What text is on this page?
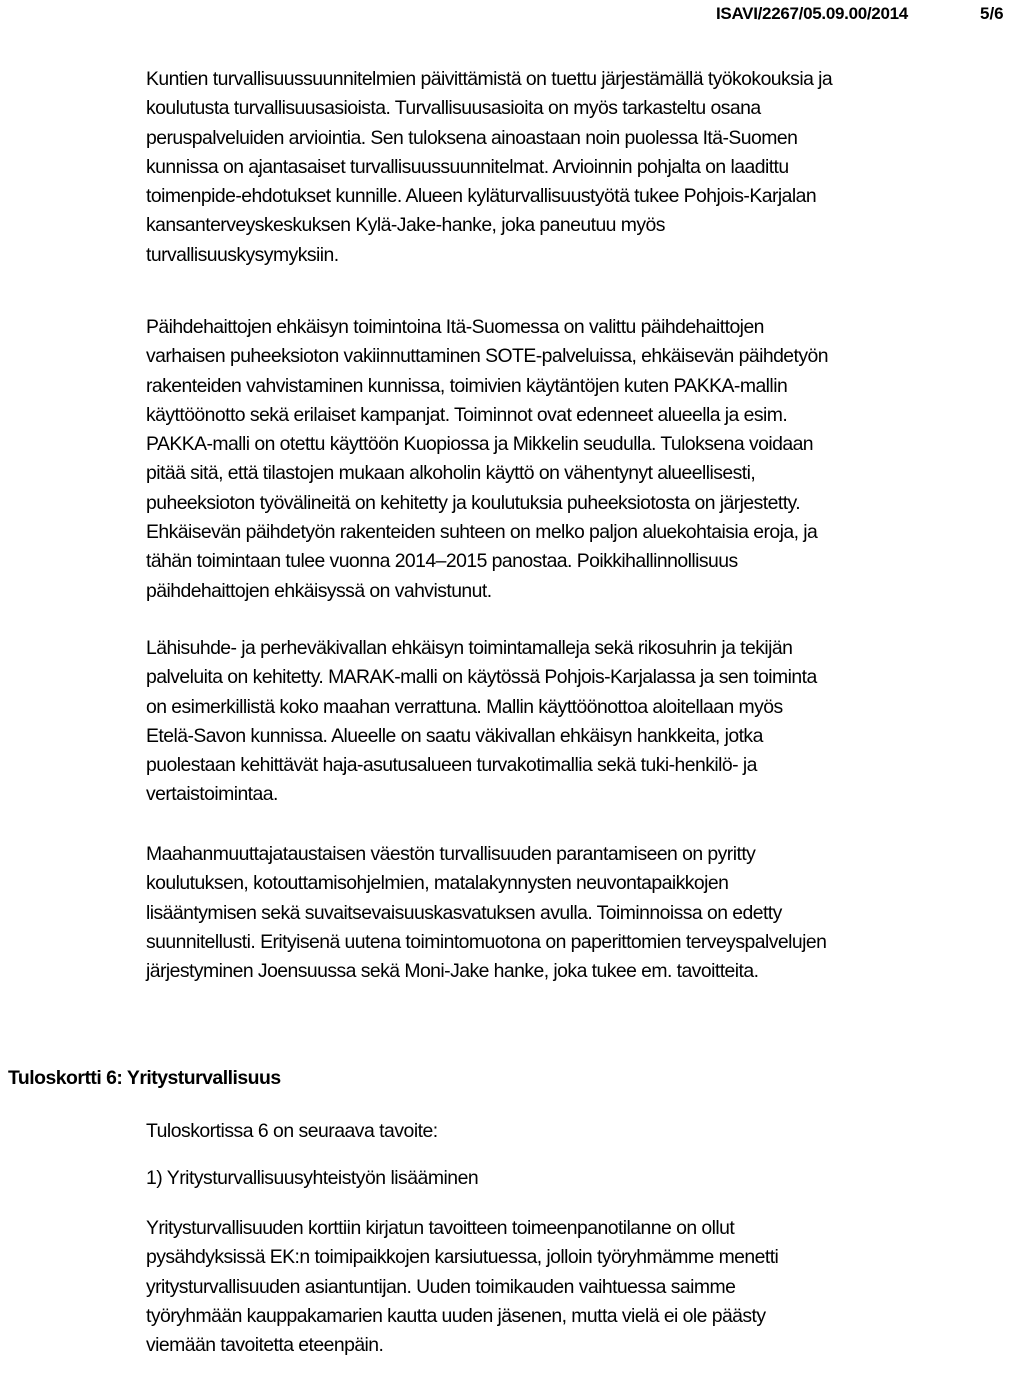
ISAVI/2267/05.09.00/2014	5/6

Kuntien turvallisuussuunnitelmien päivittämistä on tuettu järjestämällä työkokouksia ja
koulutusta turvallisuusasioista. Turvallisuusasioita on myös tarkasteltu osana
peruspalveluiden arviointia. Sen tuloksena ainoastaan noin puolessa Itä-Suomen
kunnissa on ajantasaiset turvallisuussuunnitelmat. Arvioinnin pohjalta on laadittu
toimenpide-ehdotukset kunnille. Alueen kyläturvallisuustyötä tukee Pohjois-Karjalan
kansanterveyskeskuksen Kylä-Jake-hanke, joka paneutuu myös
turvallisuuskysymyksiin.

Päihdehaittojen ehkäisyn toimintoina Itä-Suomessa on valittu päihdehaittojen
varhaisen puheeksioton vakiinnuttaminen SOTE-palveluissa, ehkäisevän päihdetyön
rakenteiden vahvistaminen kunnissa, toimivien käytäntöjen kuten PAKKA-mallin
käyttöönotto sekä erilaiset kampanjat. Toiminnot ovat edenneet alueella ja esim.
PAKKA-malli on otettu käyttöön Kuopiossa ja Mikkelin seudulla. Tuloksena voidaan
pitää sitä, että tilastojen mukaan alkoholin käyttö on vähentynyt alueellisesti,
puheeksioton työvälineitä on kehitetty ja koulutuksia puheeksiotosta on järjestetty.
Ehkäisevän päihdetyön rakenteiden suhteen on melko paljon aluekohtaisia eroja, ja
tähän toimintaan tulee vuonna 2014–2015 panostaa. Poikkihallinnollisuus
päihdehaittojen ehkäisyssä on vahvistunut.

Lähisuhde- ja perheväkivallan ehkäisyn toimintamalleja sekä rikosuhrin ja tekijän
palveluita on kehitetty. MARAK-malli on käytössä Pohjois-Karjalassa ja sen toiminta
on esimerkillistä koko maahan verrattuna. Mallin käyttöönottoa aloitellaan myös
Etelä-Savon kunnissa. Alueelle on saatu väkivallan ehkäisyn hankkeita, jotka
puolestaan kehittävät haja-asutusalueen turvakotimallia sekä tuki-henkilö- ja
vertaistoimintaa.

Maahanmuuttajataustaisen väestön turvallisuuden parantamiseen on pyritty
koulutuksen, kotouttamisohjelmien, matalakynnysten neuvontapaikkojen
lisääntymisen sekä suvaitsevaisuuskasvatuksen avulla. Toiminnoissa on edetty
suunnitellusti. Erityisenä uutena toimintomuotona on paperittomien terveyspalvelujen
järjestyminen Joensuussa sekä Moni-Jake hanke, joka tukee em. tavoitteita.

Tuloskortti 6: Yritysturvallisuus

Tuloskortissa 6 on seuraava tavoite:

1) Yritysturvallisuusyhteistyön lisääminen

Yritysturvallisuuden korttiin kirjatun tavoitteen toimeenpanotilanne on ollut
pysähdyksissä EK:n toimipaikkojen karsiutuessa, jolloin työryhmämme menetti
yritysturvallisuuden asiantuntijan. Uuden toimikauden vaihtuessa saimme
työryhmään kauppakamarien kautta uuden jäsenen, mutta vielä ei ole päästy
viemään tavoitetta eteenpäin.
